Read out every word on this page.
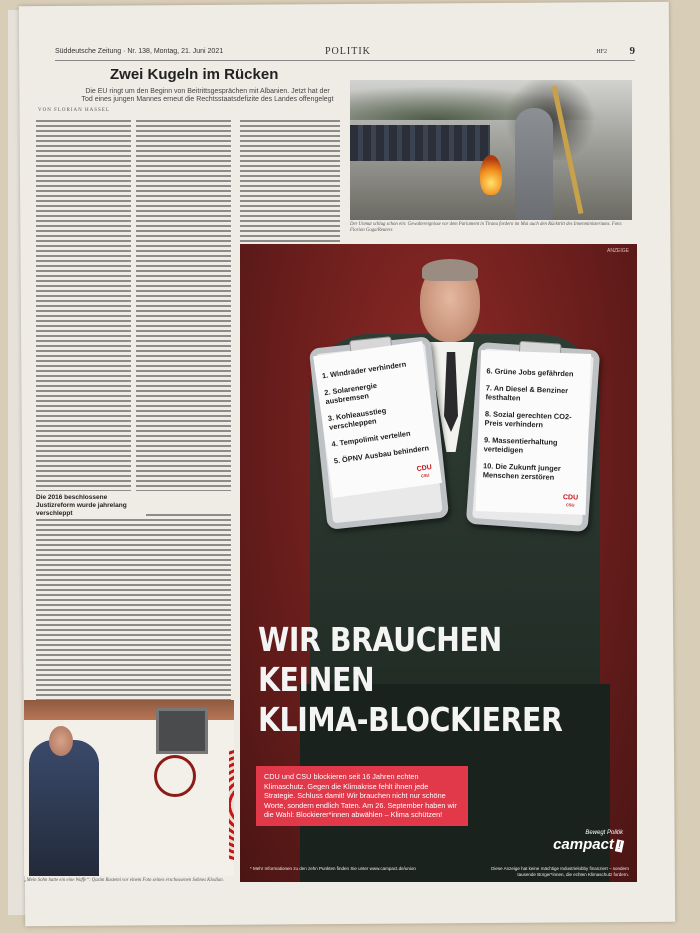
Süddeutsche Zeitung · Nr. 138, Montag, 21. Juni 2021	POLITIK	HF2 9
Zwei Kugeln im Rücken
Die EU ringt um den Beginn von Beitrittsgesprächen mit Albanien. Jetzt hat der Tod eines jungen Mannes erneut die Rechtsstaatsdefizite des Landes offengelegt
VON FLORIAN HASSEL
Die 2016 beschlossene Justizreform wurde jahrelang verschleppt
Der Unmut schlug schon ein: Gewaltereignisse vor dem Parlament in Tirana fordern im Mai auch den Rücktritt des Innenministeriums. Foto: Florion Goga/Reuters
ANZEIGE
1. Windräder verhindern
2. Solarenergie ausbremsen
3. Kohleausstieg verschleppen
4. Tempolimit verteilen
5. ÖPNV Ausbau behindern
CDU
CSU
6. Grüne Jobs gefährden
7. An Diesel & Benziner festhalten
8. Sozial gerechten CO2-Preis verhindern
9. Massentierhaltung verteidigen
10. Die Zukunft junger Menschen zerstören
CDU
CSU
WIR BRAUCHEN KEINEN
KLIMA-BLOCKIERER
CDU und CSU blockieren seit 16 Jahren echten Klimaschutz. Gegen die Klimakrise fehlt ihnen jede Strategie. Schluss damit! Wir brauchen nicht nur schöne Worte, sondern endlich Taten. Am 26. September haben wir die Wahl: Blockierer*innen abwählen – Klima schützen!
Bewegt Politik
campact !
* Mehr Informationen zu den zehn Punkten finden Sie unter www.campact.de/union	Diese Anzeige hat keine mächtige Industrielobby finanziert – sondern tausende Bürger*innen, die echten Klimaschutz fordern.
„Mein Sohn hatte ein eine Waffe“: Qazim Rustemi vor einem Foto seines erschossenen Sohnes Klodian.
